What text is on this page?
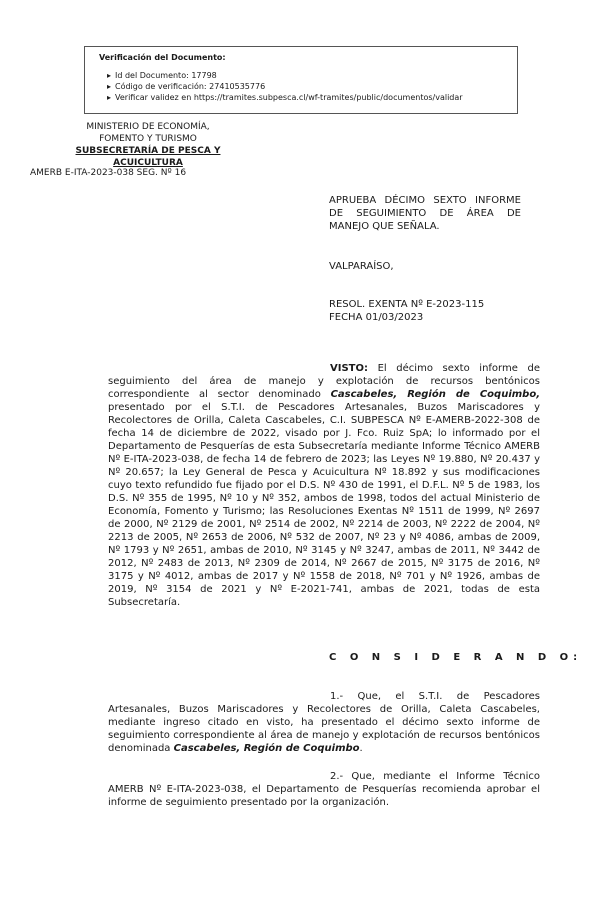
Verificación del Documento:

▸ Id del Documento: 17798
▸ Código de verificación: 27410535776
▸ Verificar validez en https://tramites.subpesca.cl/wf-tramites/public/documentos/validar
MINISTERIO DE ECONOMÍA,
FOMENTO Y TURISMO
SUBSECRETARÍA DE PESCA Y ACUICULTURA
AMERB E-ITA-2023-038 SEG. Nº 16
APRUEBA DÉCIMO SEXTO INFORME DE SEGUIMIENTO DE ÁREA DE MANEJO QUE SEÑALA.
VALPARAÍSO,
RESOL. EXENTA Nº E-2023-115
FECHA 01/03/2023

VISTO: El décimo sexto informe de seguimiento del área de manejo y explotación de recursos bentónicos correspondiente al sector denominado Cascabeles, Región de Coquimbo, presentado por el S.T.I. de Pescadores Artesanales, Buzos Mariscadores y Recolectores de Orilla, Caleta Cascabeles, C.I. SUBPESCA Nº E-AMERB-2022-308 de fecha 14 de diciembre de 2022, visado por J. Fco. Ruiz SpA; lo informado por el Departamento de Pesquerías de esta Subsecretaría mediante Informe Técnico AMERB Nº E-ITA-2023-038, de fecha 14 de febrero de 2023; las Leyes Nº 19.880, Nº 20.437 y Nº 20.657; la Ley General de Pesca y Acuicultura Nº 18.892 y sus modificaciones cuyo texto refundido fue fijado por el D.S. Nº 430 de 1991, el D.F.L. Nº 5 de 1983, los D.S. Nº 355 de 1995, Nº 10 y Nº 352, ambos de 1998, todos del actual Ministerio de Economía, Fomento y Turismo; las Resoluciones Exentas Nº 1511 de 1999, Nº 2697 de 2000, Nº 2129 de 2001, Nº 2514 de 2002, Nº 2214 de 2003, Nº 2222 de 2004, Nº 2213 de 2005, Nº 2653 de 2006, Nº 532 de 2007, Nº 23 y Nº 4086, ambas de 2009, Nº 1793 y Nº 2651, ambas de 2010, Nº 3145 y Nº 3247, ambas de 2011, Nº 3442 de 2012, Nº 2483 de 2013, Nº 2309 de 2014, Nº 2667 de 2015, Nº 3175 de 2016, Nº 3175 y Nº 4012, ambas de 2017 y Nº 1558 de 2018, Nº 701 y Nº 1926, ambas de 2019, Nº 3154 de 2021 y Nº E-2021-741, ambas de 2021, todas de esta Subsecretaría.

C O N S I D E R A N D O:

1.- Que, el S.T.I. de Pescadores Artesanales, Buzos Mariscadores y Recolectores de Orilla, Caleta Cascabeles, mediante ingreso citado en visto, ha presentado el décimo sexto informe de seguimiento correspondiente al área de manejo y explotación de recursos bentónicos denominada Cascabeles, Región de Coquimbo.

2.- Que, mediante el Informe Técnico AMERB Nº E-ITA-2023-038, el Departamento de Pesquerías recomienda aprobar el informe de seguimiento presentado por la organización.
